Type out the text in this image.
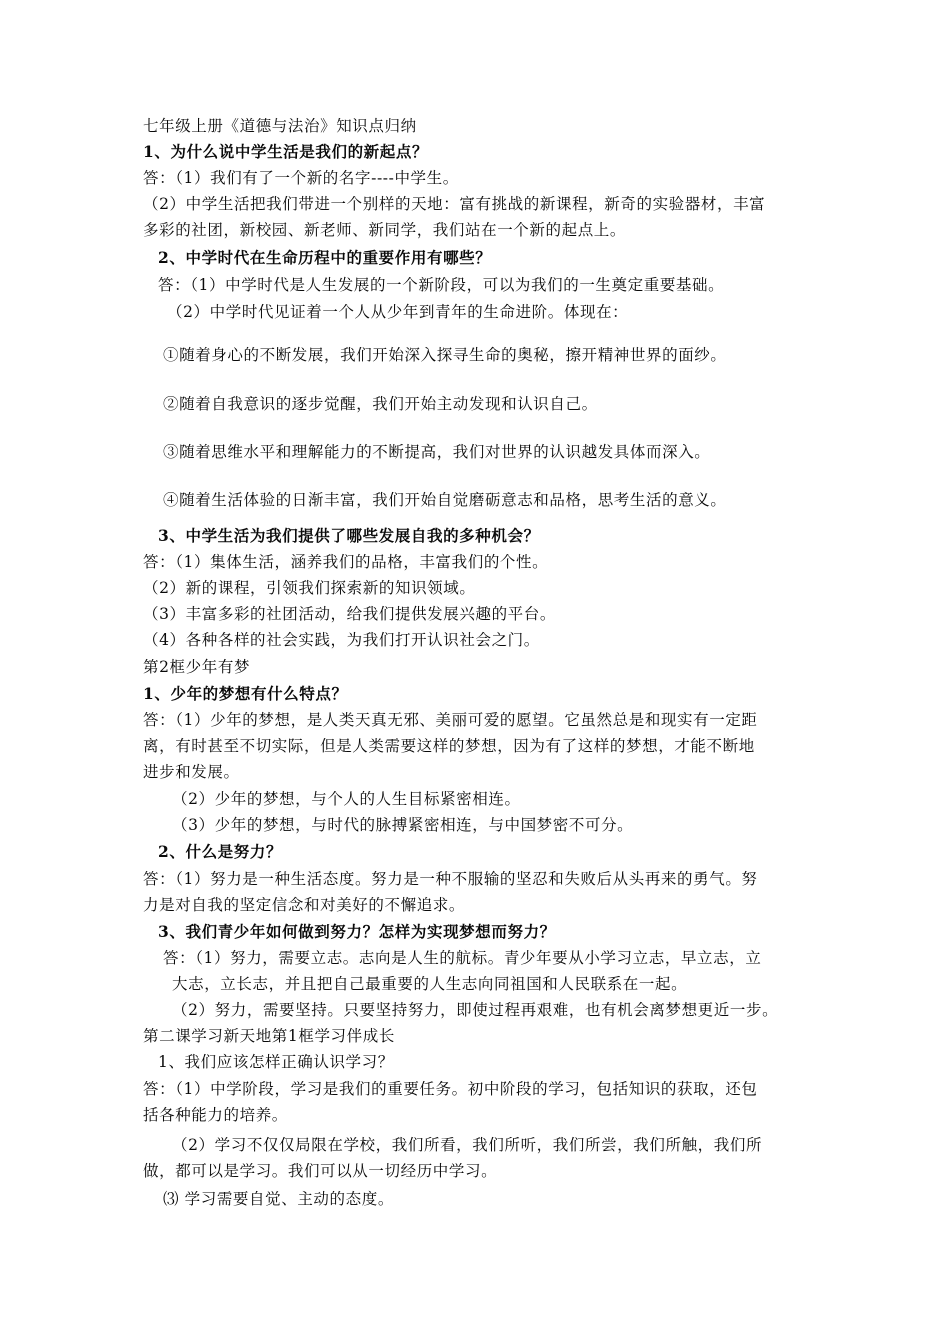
七年级上册《道德与法治》知识点归纳
1、为什么说中学生活是我们的新起点？
答：（1）我们有了一个新的名字----中学生。
（2）中学生活把我们带进一个别样的天地：富有挑战的新课程，新奇的实验器材，丰富
多彩的社团，新校园、新老师、新同学，我们站在一个新的起点上。
2、中学时代在生命历程中的重要作用有哪些？
答：（1）中学时代是人生发展的一个新阶段，可以为我们的一生奠定重要基础。
（2）中学时代见证着一个人从少年到青年的生命进阶。体现在：
①随着身心的不断发展，我们开始深入探寻生命的奥秘，擦开精神世界的面纱。
②随着自我意识的逐步觉醒，我们开始主动发现和认识自己。
③随着思维水平和理解能力的不断提高，我们对世界的认识越发具体而深入。
④随着生活体验的日渐丰富，我们开始自觉磨砺意志和品格，思考生活的意义。
3、中学生活为我们提供了哪些发展自我的多种机会？
答：（1）集体生活，涵养我们的品格，丰富我们的个性。
（2）新的课程，引领我们探索新的知识领域。
（3）丰富多彩的社团活动，给我们提供发展兴趣的平台。
（4）各种各样的社会实践，为我们打开认识社会之门。
第2框少年有梦
1、少年的梦想有什么特点？
答：（1）少年的梦想，是人类天真无邪、美丽可爱的愿望。它虽然总是和现实有一定距
离，有时甚至不切实际，但是人类需要这样的梦想，因为有了这样的梦想，才能不断地
进步和发展。
（2）少年的梦想，与个人的人生目标紧密相连。
（3）少年的梦想，与时代的脉搏紧密相连，与中国梦密不可分。
2、什么是努力？
答：（1）努力是一种生活态度。努力是一种不服输的坚忍和失败后从头再来的勇气。努
力是对自我的坚定信念和对美好的不懈追求。
3、我们青少年如何做到努力？怎样为实现梦想而努力？
答：（1）努力，需要立志。志向是人生的航标。青少年要从小学习立志，早立志，立
大志，立长志，并且把自己最重要的人生志向同祖国和人民联系在一起。
（2）努力，需要坚持。只要坚持努力，即使过程再艰难，也有机会离梦想更近一步。
第二课学习新天地第1框学习伴成长
1、我们应该怎样正确认识学习？
答：（1）中学阶段，学习是我们的重要任务。初中阶段的学习，包括知识的获取，还包
括各种能力的培养。
（2）学习不仅仅局限在学校，我们所看，我们所听，我们所尝，我们所触，我们所
做，都可以是学习。我们可以从一切经历中学习。
⑶ 学习需要自觉、主动的态度。
